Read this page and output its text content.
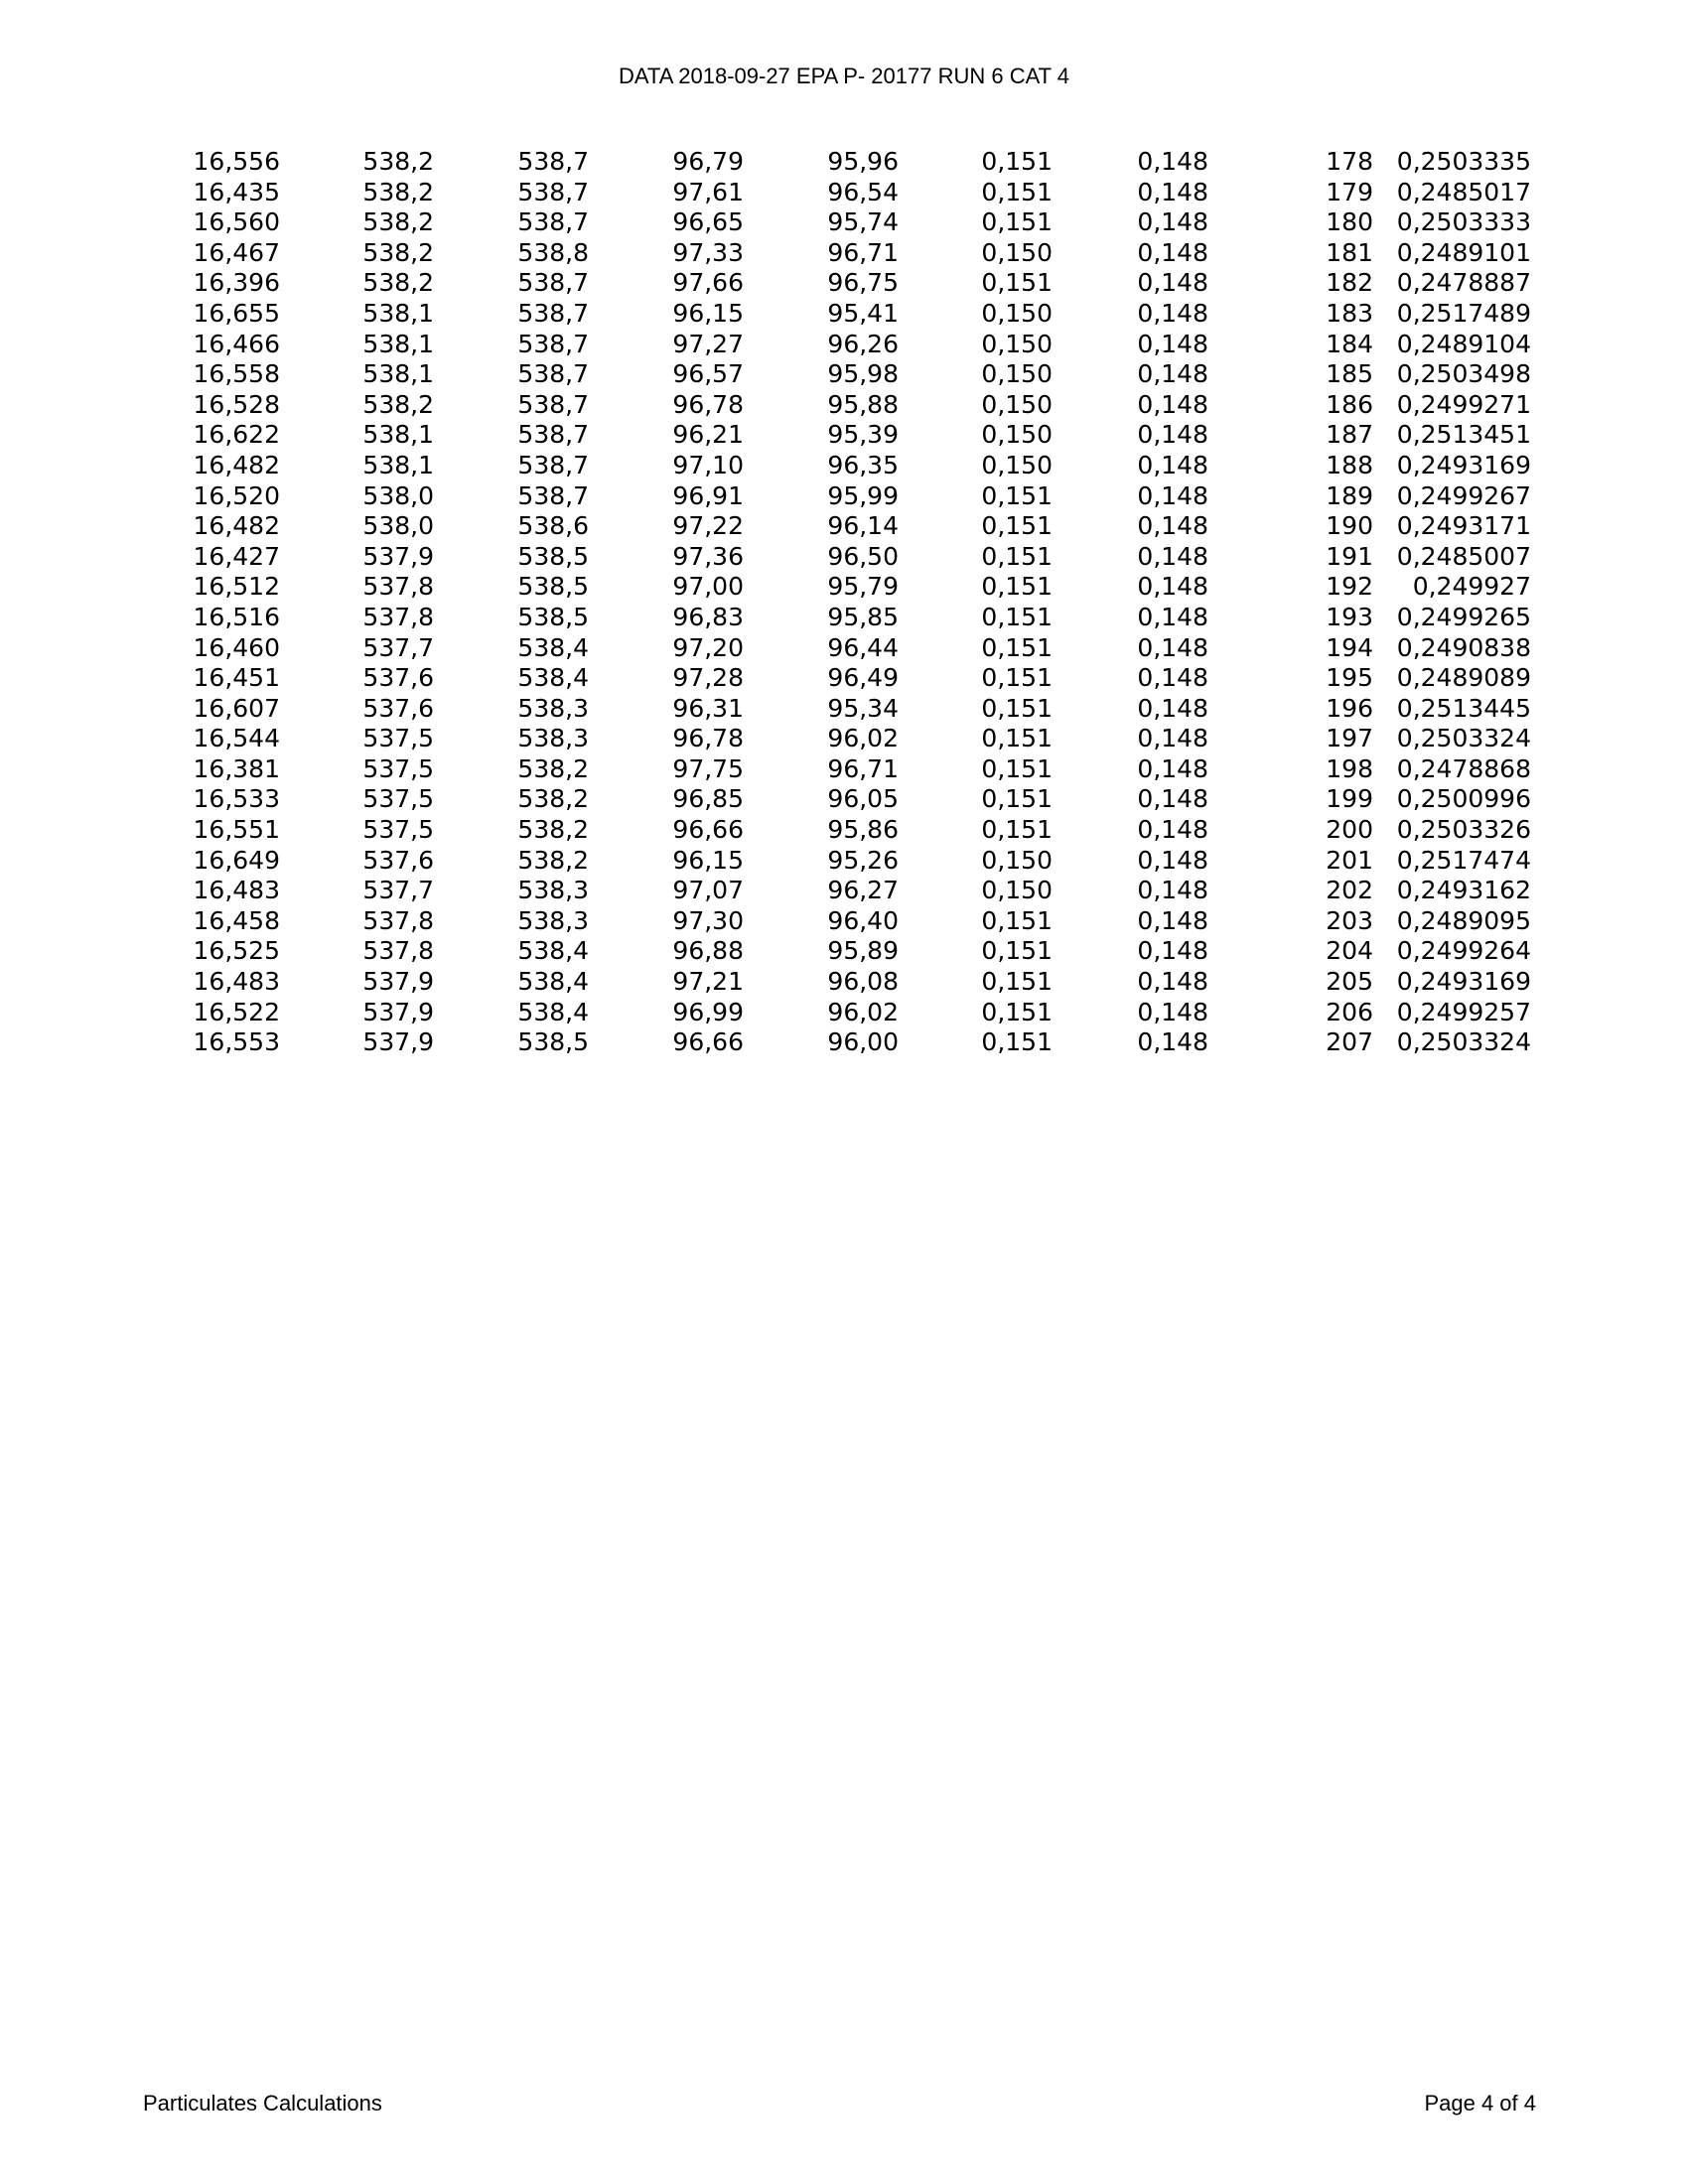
DATA 2018-09-27 EPA P- 20177 RUN 6 CAT 4
16,556	538,2	538,7	96,79	95,96	0,151	0,148	178	0,2503335
16,435	538,2	538,7	97,61	96,54	0,151	0,148	179	0,2485017
16,560	538,2	538,7	96,65	95,74	0,151	0,148	180	0,2503333
16,467	538,2	538,8	97,33	96,71	0,150	0,148	181	0,2489101
16,396	538,2	538,7	97,66	96,75	0,151	0,148	182	0,2478887
16,655	538,1	538,7	96,15	95,41	0,150	0,148	183	0,2517489
16,466	538,1	538,7	97,27	96,26	0,150	0,148	184	0,2489104
16,558	538,1	538,7	96,57	95,98	0,150	0,148	185	0,2503498
16,528	538,2	538,7	96,78	95,88	0,150	0,148	186	0,2499271
16,622	538,1	538,7	96,21	95,39	0,150	0,148	187	0,2513451
16,482	538,1	538,7	97,10	96,35	0,150	0,148	188	0,2493169
16,520	538,0	538,7	96,91	95,99	0,151	0,148	189	0,2499267
16,482	538,0	538,6	97,22	96,14	0,151	0,148	190	0,2493171
16,427	537,9	538,5	97,36	96,50	0,151	0,148	191	0,2485007
16,512	537,8	538,5	97,00	95,79	0,151	0,148	192	0,249927
16,516	537,8	538,5	96,83	95,85	0,151	0,148	193	0,2499265
16,460	537,7	538,4	97,20	96,44	0,151	0,148	194	0,2490838
16,451	537,6	538,4	97,28	96,49	0,151	0,148	195	0,2489089
16,607	537,6	538,3	96,31	95,34	0,151	0,148	196	0,2513445
16,544	537,5	538,3	96,78	96,02	0,151	0,148	197	0,2503324
16,381	537,5	538,2	97,75	96,71	0,151	0,148	198	0,2478868
16,533	537,5	538,2	96,85	96,05	0,151	0,148	199	0,2500996
16,551	537,5	538,2	96,66	95,86	0,151	0,148	200	0,2503326
16,649	537,6	538,2	96,15	95,26	0,150	0,148	201	0,2517474
16,483	537,7	538,3	97,07	96,27	0,150	0,148	202	0,2493162
16,458	537,8	538,3	97,30	96,40	0,151	0,148	203	0,2489095
16,525	537,8	538,4	96,88	95,89	0,151	0,148	204	0,2499264
16,483	537,9	538,4	97,21	96,08	0,151	0,148	205	0,2493169
16,522	537,9	538,4	96,99	96,02	0,151	0,148	206	0,2499257
16,553	537,9	538,5	96,66	96,00	0,151	0,148	207	0,2503324
Particulates Calculations	Page 4 of 4
